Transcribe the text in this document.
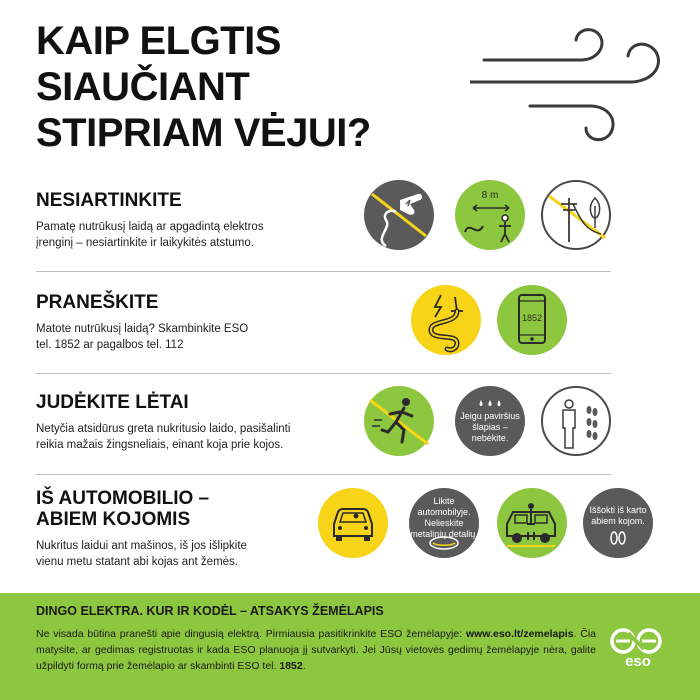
KAIP ELGTIS
SIAUČIANT
STIPRIAM VĖJUI?
NESIARTINKITE
Pamatę nutrūkusį laidą ar apgadintą elektros
įrenginį – nesiartinkite ir laikykitės atstumo.
8 m
PRANEŠKITE
Matote nutrūkusį laidą? Skambinkite ESO
tel. 1852 ar pagalbos tel. 112
1852
JUDĖKITE LĖTAI
Netyčia atsidūrus greta nukritusio laido, pasišalinti
reikia mažais žingsneliais, einant koja prie kojos.
Jeigu paviršius
šlapias –
nebėkite.
IŠ AUTOMOBILIO –
ABIEM KOJOMIS
Nukritus laidui ant mašinos, iš jos išlipkite
vienu metu statant abi kojas ant žemės.
Likite
automobilyje.
Nelieskite
metalinių detalių.
Iššokti iš karto
abiem kojom.
DINGO ELEKTRA. KUR IR KODĖL – ATSAKYS ŽEMĖLAPIS
Ne visada būtina pranešti apie dingusią elektrą. Pirmiausia pasitikrinkite ESO žemėlapyje: www.eso.lt/zemelapis. Čia matysite, ar gedimas registruotas ir kada ESO planuoja jį sutvarkyti. Jei Jūsų vietovės gedimų žemėlapyje nėra, galite užpildyti formą prie žemėlapio ar skambinti ESO tel. 1852.	eso
